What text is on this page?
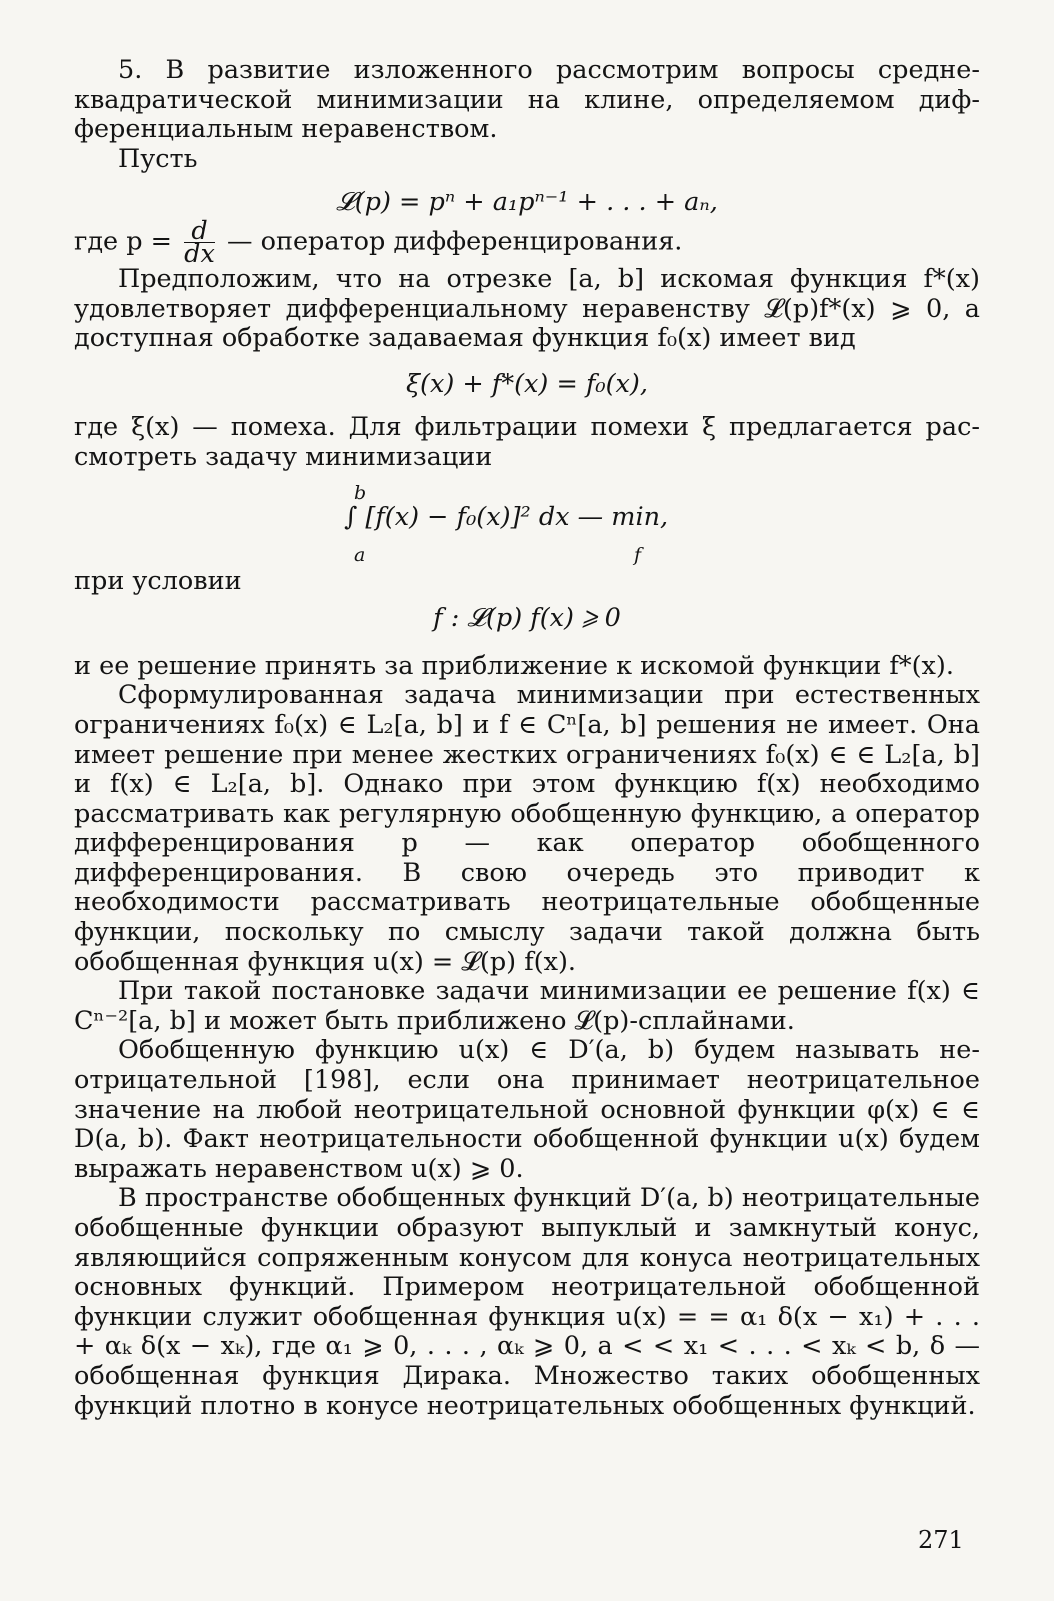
5. В развитие изложенного рассмотрим вопросы среднеквадратической минимизации на клине, определяемом дифференциальным неравенством.

Пусть

𝓛(p) = pⁿ + a₁pⁿ⁻¹ + . . . + aₙ,

где $p = \frac{d}{dx}$ — оператор дифференцирования.

Предположим, что на отрезке [a, b] искомая функция f*(x) удовлетворяет дифференциальному неравенству 𝓛(p)f*(x) ⩾ 0, а доступная обработке задаваемая функция f₀(x) имеет вид

ξ(x) + f*(x) = f₀(x),

где ξ(x) — помеха. Для фильтрации помехи ξ предлагается рассмотреть задачу минимизации

b
∫ [f(x) − f₀(x)]² dx — min,
a	f

при условии

f : 𝓛(p) f(x) ⩾ 0

и ее решение принять за приближение к искомой функции f*(x).

Сформулированная задача минимизации при естественных ограничениях f₀(x) ∈ L₂[a, b] и f ∈ Cⁿ[a, b] решения не имеет. Она имеет решение при менее жестких ограничениях f₀(x) ∈ ∈ L₂[a, b] и f(x) ∈ L₂[a, b]. Однако при этом функцию f(x) необходимо рассматривать как регулярную обобщенную функцию, а оператор дифференцирования p — как оператор обобщенного дифференцирования. В свою очередь это приводит к необходимости рассматривать неотрицательные обобщенные функции, поскольку по смыслу задачи такой должна быть обобщенная функция u(x) = 𝓛(p) f(x).

При такой постановке задачи минимизации ее решение f(x) ∈ Cⁿ⁻²[a, b] и может быть приближено 𝓛(p)-сплайнами.

Обобщенную функцию u(x) ∈ D′(a, b) будем называть неотрицательной [198], если она принимает неотрицательное значение на любой неотрицательной основной функции φ(x) ∈ ∈ D(a, b). Факт неотрицательности обобщенной функции u(x) будем выражать неравенством u(x) ⩾ 0.

В пространстве обобщенных функций D′(a, b) неотрицательные обобщенные функции образуют выпуклый и замкнутый конус, являющийся сопряженным конусом для конуса неотрицательных основных функций. Примером неотрицательной обобщенной функции служит обобщенная функция u(x) = = α₁ δ(x − x₁) + . . . + αₖ δ(x − xₖ), где α₁ ⩾ 0, . . . , αₖ ⩾ 0, a < < x₁ < . . . < xₖ < b, δ — обобщенная функция Дирака. Множество таких обобщенных функций плотно в конусе неотрицательных обобщенных функций.

271
